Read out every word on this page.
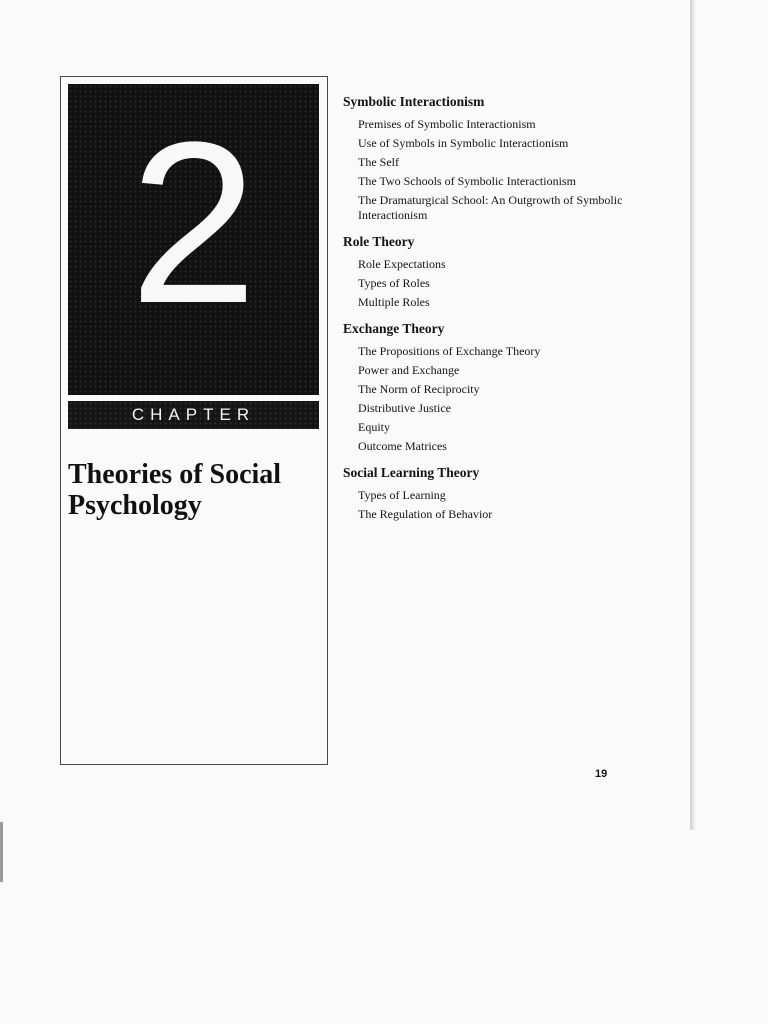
2
CHAPTER
Theories of Social Psychology
Symbolic Interactionism
Premises of Symbolic Interactionism
Use of Symbols in Symbolic Interactionism
The Self
The Two Schools of Symbolic Interactionism
The Dramaturgical School: An Outgrowth of Symbolic Interactionism
Role Theory
Role Expectations
Types of Roles
Multiple Roles
Exchange Theory
The Propositions of Exchange Theory
Power and Exchange
The Norm of Reciprocity
Distributive Justice
Equity
Outcome Matrices
Social Learning Theory
Types of Learning
The Regulation of Behavior
19
